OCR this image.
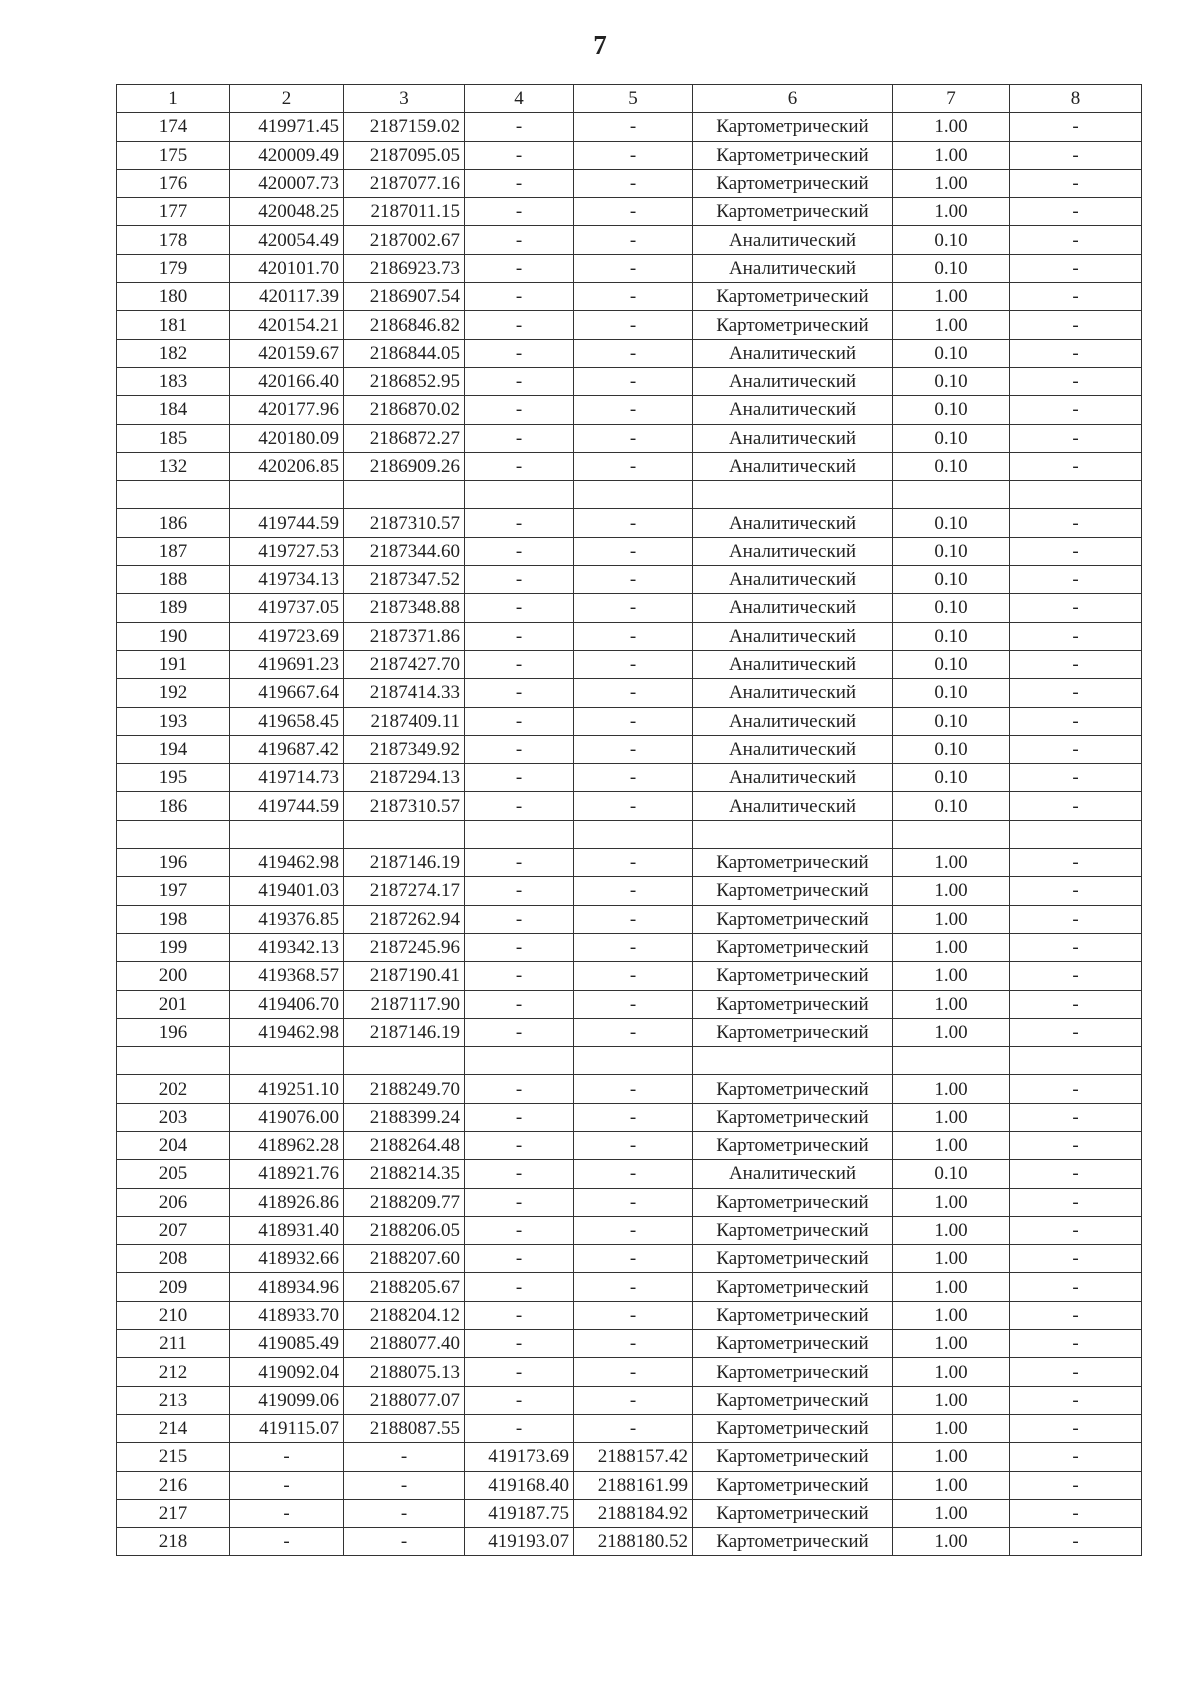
7
1	2	3	4	5	6	7	8
174	419971.45	2187159.02	-	-	Картометрический	1.00	-
175	420009.49	2187095.05	-	-	Картометрический	1.00	-
176	420007.73	2187077.16	-	-	Картометрический	1.00	-
177	420048.25	2187011.15	-	-	Картометрический	1.00	-
178	420054.49	2187002.67	-	-	Аналитический	0.10	-
179	420101.70	2186923.73	-	-	Аналитический	0.10	-
180	420117.39	2186907.54	-	-	Картометрический	1.00	-
181	420154.21	2186846.82	-	-	Картометрический	1.00	-
182	420159.67	2186844.05	-	-	Аналитический	0.10	-
183	420166.40	2186852.95	-	-	Аналитический	0.10	-
184	420177.96	2186870.02	-	-	Аналитический	0.10	-
185	420180.09	2186872.27	-	-	Аналитический	0.10	-
132	420206.85	2186909.26	-	-	Аналитический	0.10	-

186	419744.59	2187310.57	-	-	Аналитический	0.10	-
187	419727.53	2187344.60	-	-	Аналитический	0.10	-
188	419734.13	2187347.52	-	-	Аналитический	0.10	-
189	419737.05	2187348.88	-	-	Аналитический	0.10	-
190	419723.69	2187371.86	-	-	Аналитический	0.10	-
191	419691.23	2187427.70	-	-	Аналитический	0.10	-
192	419667.64	2187414.33	-	-	Аналитический	0.10	-
193	419658.45	2187409.11	-	-	Аналитический	0.10	-
194	419687.42	2187349.92	-	-	Аналитический	0.10	-
195	419714.73	2187294.13	-	-	Аналитический	0.10	-
186	419744.59	2187310.57	-	-	Аналитический	0.10	-

196	419462.98	2187146.19	-	-	Картометрический	1.00	-
197	419401.03	2187274.17	-	-	Картометрический	1.00	-
198	419376.85	2187262.94	-	-	Картометрический	1.00	-
199	419342.13	2187245.96	-	-	Картометрический	1.00	-
200	419368.57	2187190.41	-	-	Картометрический	1.00	-
201	419406.70	2187117.90	-	-	Картометрический	1.00	-
196	419462.98	2187146.19	-	-	Картометрический	1.00	-

202	419251.10	2188249.70	-	-	Картометрический	1.00	-
203	419076.00	2188399.24	-	-	Картометрический	1.00	-
204	418962.28	2188264.48	-	-	Картометрический	1.00	-
205	418921.76	2188214.35	-	-	Аналитический	0.10	-
206	418926.86	2188209.77	-	-	Картометрический	1.00	-
207	418931.40	2188206.05	-	-	Картометрический	1.00	-
208	418932.66	2188207.60	-	-	Картометрический	1.00	-
209	418934.96	2188205.67	-	-	Картометрический	1.00	-
210	418933.70	2188204.12	-	-	Картометрический	1.00	-
211	419085.49	2188077.40	-	-	Картометрический	1.00	-
212	419092.04	2188075.13	-	-	Картометрический	1.00	-
213	419099.06	2188077.07	-	-	Картометрический	1.00	-
214	419115.07	2188087.55	-	-	Картометрический	1.00	-
215	-	-	419173.69	2188157.42	Картометрический	1.00	-
216	-	-	419168.40	2188161.99	Картометрический	1.00	-
217	-	-	419187.75	2188184.92	Картометрический	1.00	-
218	-	-	419193.07	2188180.52	Картометрический	1.00	-
